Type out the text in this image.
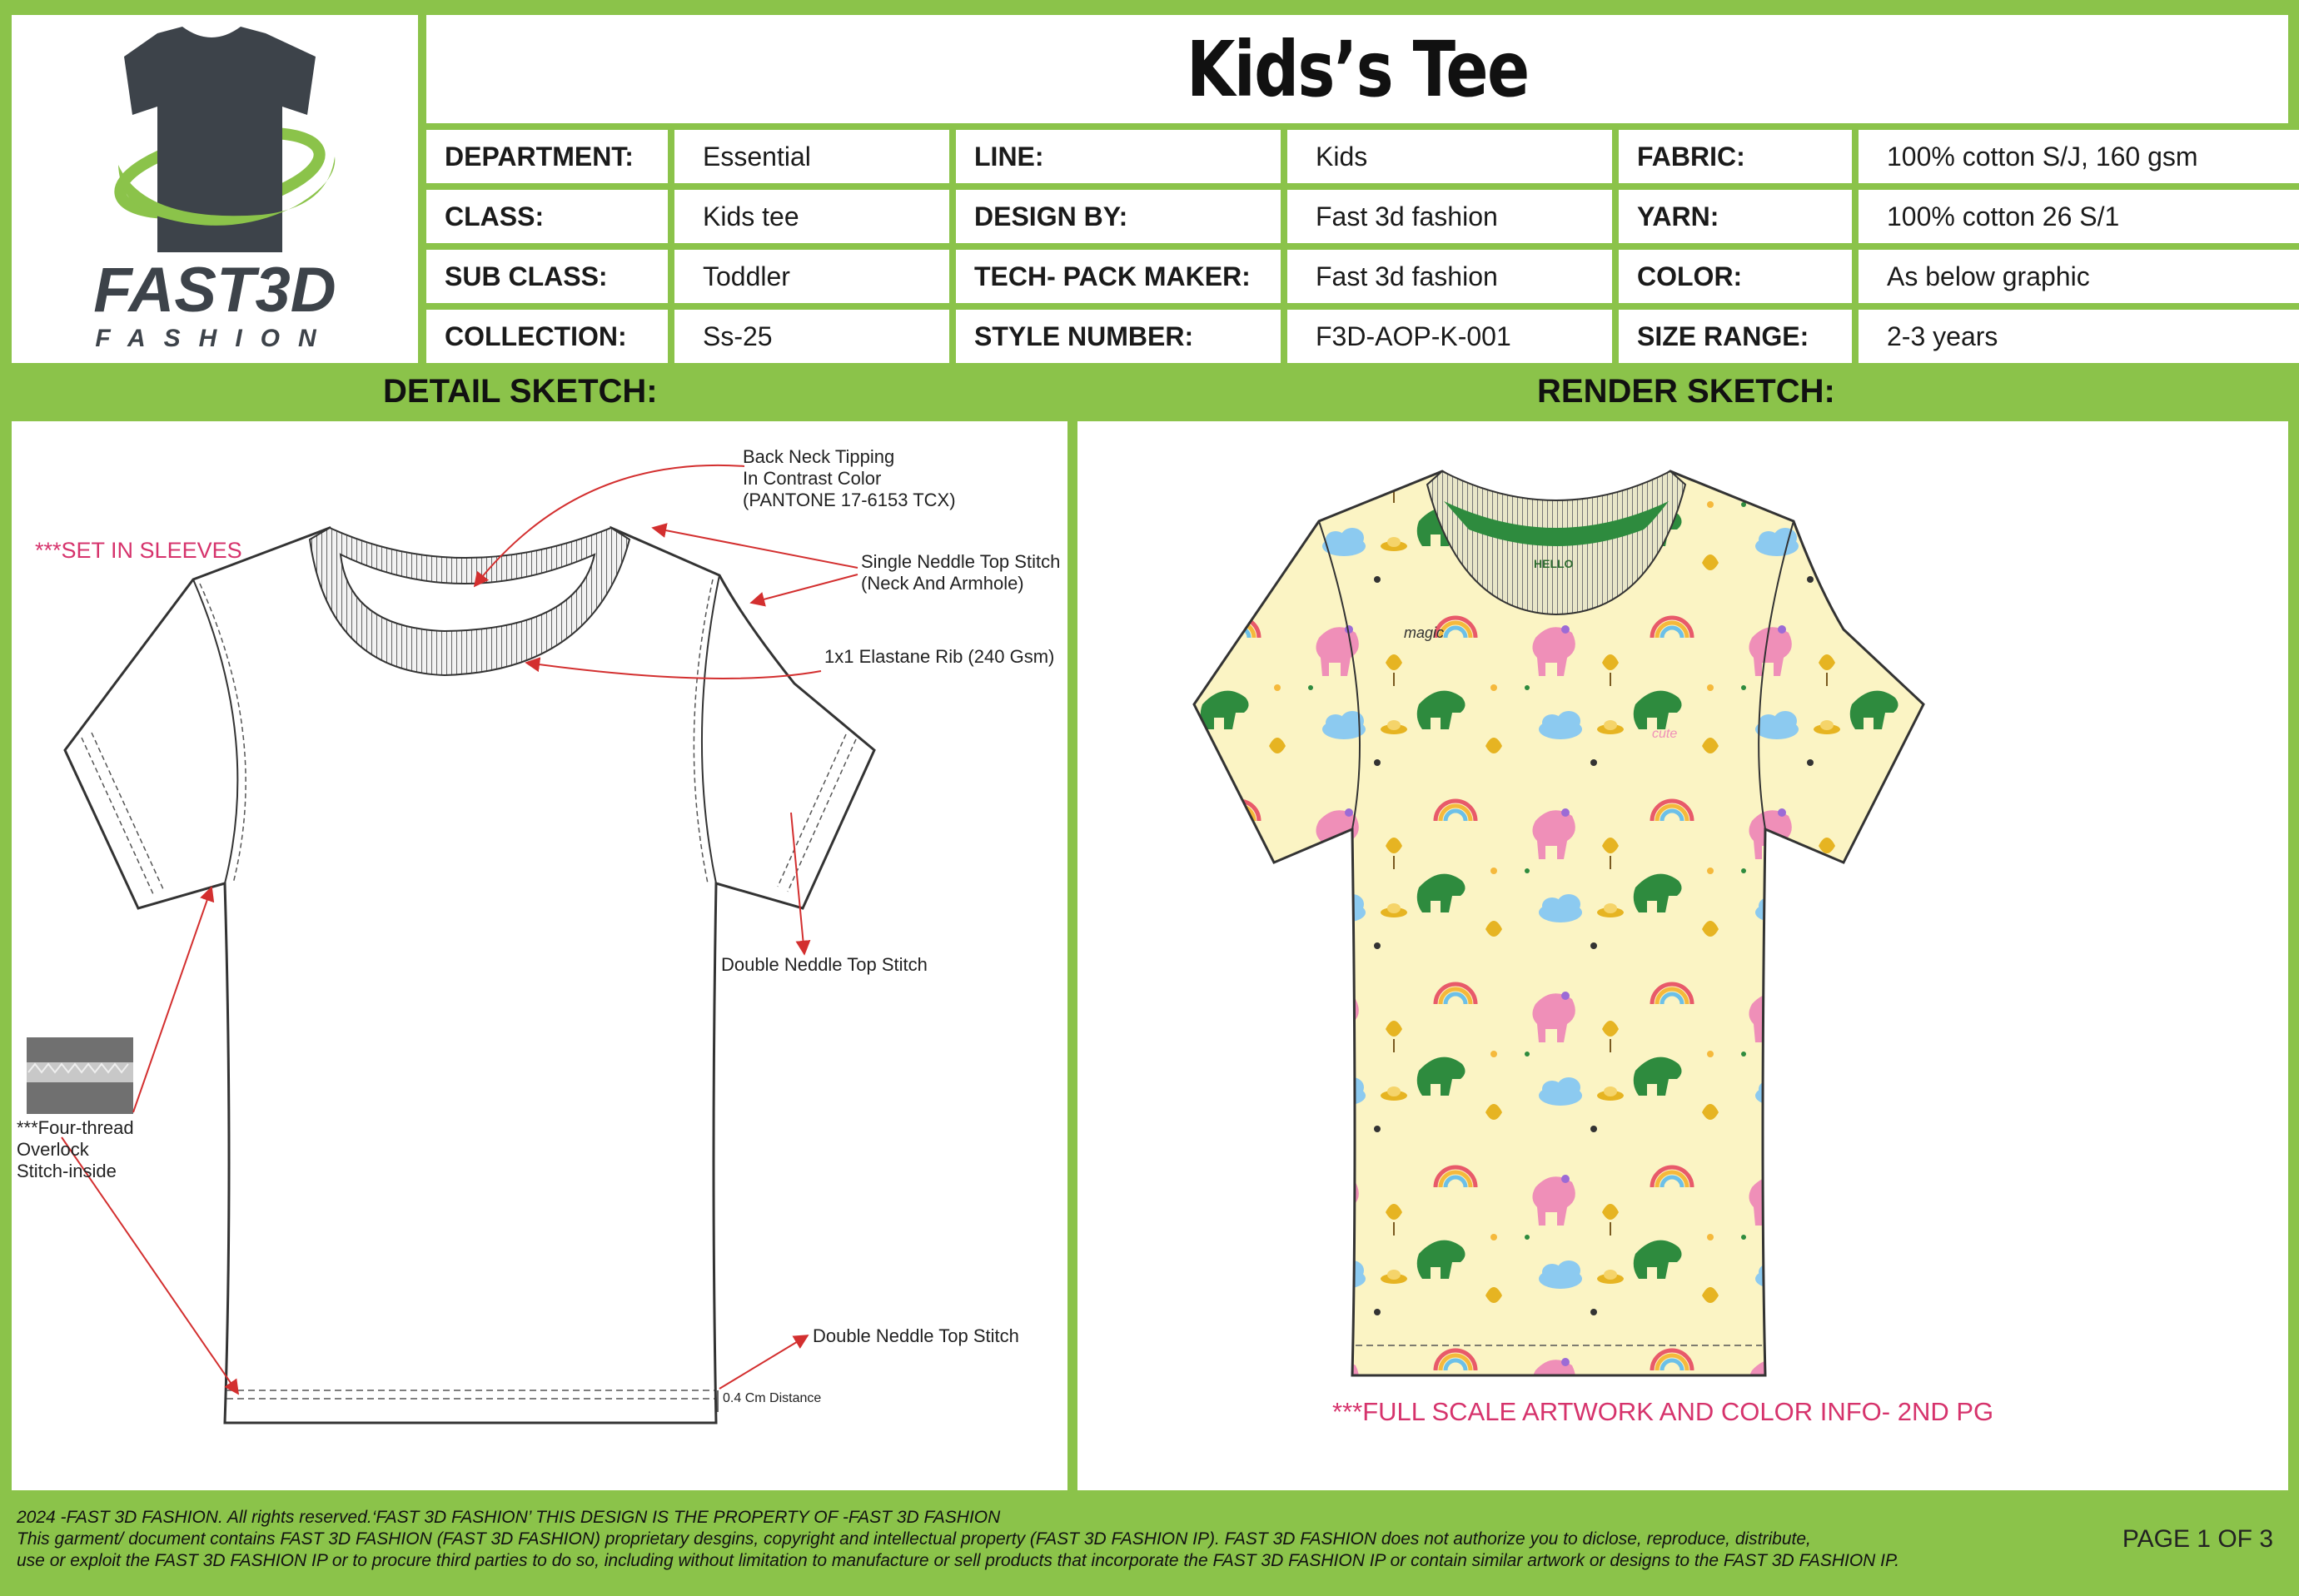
FAST3D
FASHION
Kids’s Tee
DEPARTMENT:	Essential	LINE:	Kids	FABRIC:	100% cotton S/J, 160 gsm
CLASS:	Kids tee	DESIGN BY:	Fast 3d fashion	YARN:	100% cotton 26 S/1
SUB CLASS:	Toddler	TECH- PACK MAKER:	Fast 3d fashion	COLOR:	As below graphic
COLLECTION:	Ss-25	STYLE NUMBER:	F3D-AOP-K-001	SIZE RANGE:	2-3 years
DETAIL SKETCH:	RENDER SKETCH:
***SET IN SLEEVES
Back Neck Tipping
In Contrast Color
(PANTONE 17-6153 TCX)
Single Neddle Top Stitch
(Neck And Armhole)
1x1 Elastane Rib (240 Gsm)
Double Neddle Top Stitch
***Four-thread
Overlock
Stitch-inside
Double Neddle Top Stitch
0.4 Cm Distance
HELLO
magic
cute
***FULL SCALE ARTWORK AND COLOR INFO- 2ND PG
2024 -FAST 3D FASHION. All rights reserved.‘FAST 3D FASHION’ THIS DESIGN IS THE PROPERTY OF -FAST 3D FASHION
This garment/ document contains FAST 3D FASHION (FAST 3D FASHION) proprietary desgins, copyright and intellectual property (FAST 3D FASHION IP). FAST 3D FASHION does not authorize you to diclose, reproduce, distribute,
use or exploit the FAST 3D FASHION IP or to procure third parties to do so, including without limitation to manufacture or sell products that incorporate the FAST 3D FASHION IP or contain similar artwork or designs to the FAST 3D FASHION IP.
PAGE 1 OF 3
